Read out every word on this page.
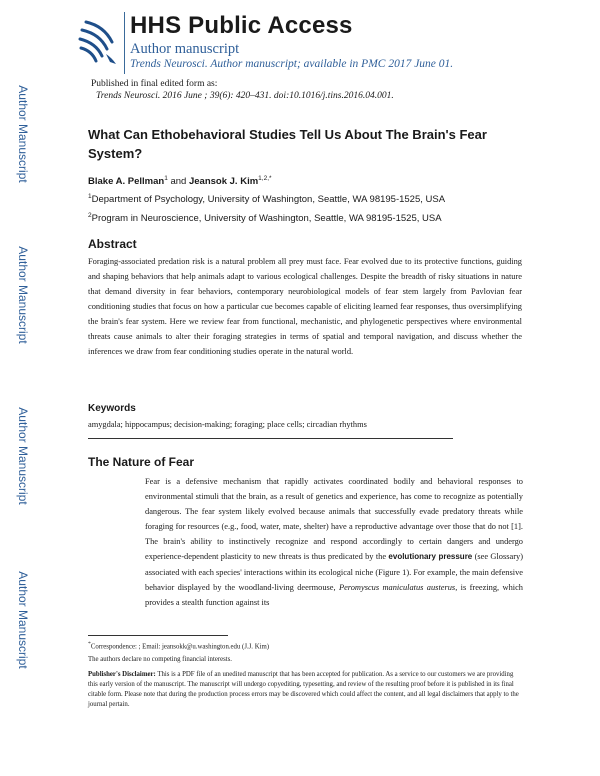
HHS Public Access
Author manuscript
Trends Neurosci. Author manuscript; available in PMC 2017 June 01.
Author Manuscript
Author Manuscript
Author Manuscript
Author Manuscript
Published in final edited form as:
Trends Neurosci. 2016 June ; 39(6): 420–431. doi:10.1016/j.tins.2016.04.001.
What Can Ethobehavioral Studies Tell Us About The Brain's Fear System?
Blake A. Pellman$^1$ and Jeansok J. Kim$^{1,2,*}$
$^1$Department of Psychology, University of Washington, Seattle, WA 98195-1525, USA
$^2$Program in Neuroscience, University of Washington, Seattle, WA 98195-1525, USA
Abstract
Foraging-associated predation risk is a natural problem all prey must face. Fear evolved due to its protective functions, guiding and shaping behaviors that help animals adapt to various ecological challenges. Despite the breadth of risky situations in nature that demand diversity in fear behaviors, contemporary neurobiological models of fear stem largely from Pavlovian fear conditioning studies that focus on how a particular cue becomes capable of eliciting learned fear responses, thus oversimplifying the brain's fear system. Here we review fear from functional, mechanistic, and phylogenetic perspectives where environmental threats cause animals to alter their foraging strategies in terms of spatial and temporal navigation, and discuss whether the inferences we draw from fear conditioning studies operate in the natural world.
Keywords
amygdala; hippocampus; decision-making; foraging; place cells; circadian rhythms
The Nature of Fear
Fear is a defensive mechanism that rapidly activates coordinated bodily and behavioral responses to environmental stimuli that the brain, as a result of genetics and experience, has come to recognize as potentially dangerous. The fear system likely evolved because animals that successfully evade predatory threats while foraging for resources (e.g., food, water, mate, shelter) have a reproductive advantage over those that do not [1]. The brain's ability to instinctively recognize and respond accordingly to certain dangers and undergo experience-dependent plasticity to new threats is thus predicated by the evolutionary pressure (see Glossary) associated with each species' interactions within its ecological niche (Figure 1). For example, the main defensive behavior displayed by the woodland-living deermouse, Peromyscus maniculatus austerus, is freezing, which provides a stealth function against its
*Correspondence: ; Email: jeansokk@u.washington.edu (J.J. Kim)
The authors declare no competing financial interests.
Publisher's Disclaimer: This is a PDF file of an unedited manuscript that has been accepted for publication. As a service to our customers we are providing this early version of the manuscript. The manuscript will undergo copyediting, typesetting, and review of the resulting proof before it is published in its final citable form. Please note that during the production process errors may be discovered which could affect the content, and all legal disclaimers that apply to the journal pertain.
